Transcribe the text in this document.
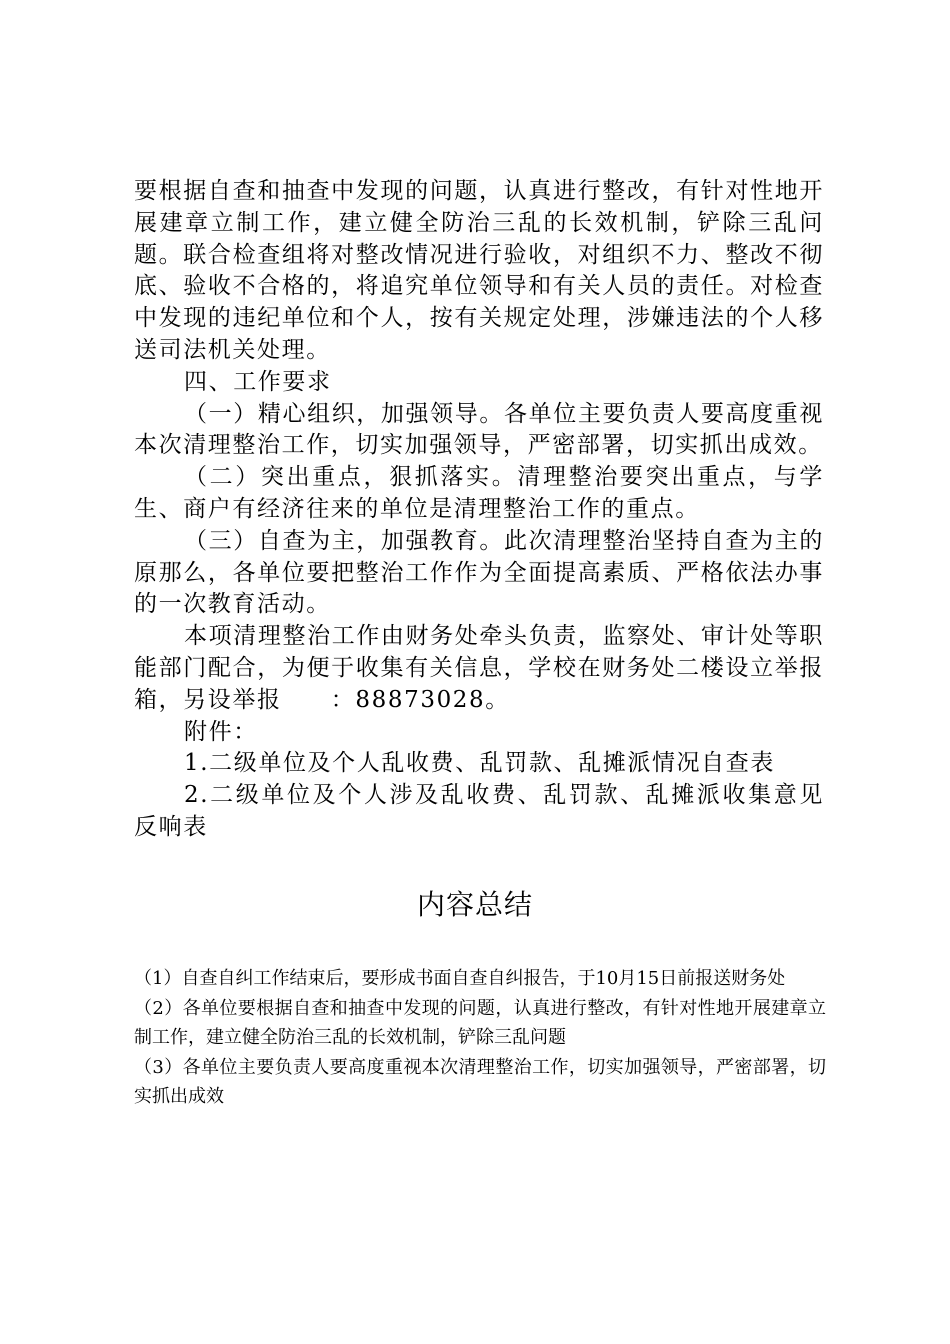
要根据自查和抽查中发现的问题，认真进行整改，有针对性地开展建章立制工作，建立健全防治三乱的长效机制，铲除三乱问题。联合检查组将对整改情况进行验收，对组织不力、整改不彻底、验收不合格的，将追究单位领导和有关人员的责任。对检查中发现的违纪单位和个人，按有关规定处理，涉嫌违法的个人移送司法机关处理。

四、工作要求

（一）精心组织，加强领导。各单位主要负责人要高度重视本次清理整治工作，切实加强领导，严密部署，切实抓出成效。

（二）突出重点，狠抓落实。清理整治要突出重点，与学生、商户有经济往来的单位是清理整治工作的重点。

（三）自查为主，加强教育。此次清理整治坚持自查为主的原那么，各单位要把整治工作作为全面提高素质、严格依法办事的一次教育活动。

本项清理整治工作由财务处牵头负责，监察处、审计处等职能部门配合，为便于收集有关信息，学校在财务处二楼设立举报箱，另设举报　　：88873028。

附件：

1.二级单位及个人乱收费、乱罚款、乱摊派情况自查表

2.二级单位及个人涉及乱收费、乱罚款、乱摊派收集意见反响表

内容总结

（1）自查自纠工作结束后，要形成书面自查自纠报告，于10月15日前报送财务处

（2）各单位要根据自查和抽查中发现的问题，认真进行整改，有针对性地开展建章立制工作，建立健全防治三乱的长效机制，铲除三乱问题

（3）各单位主要负责人要高度重视本次清理整治工作，切实加强领导，严密部署，切实抓出成效
